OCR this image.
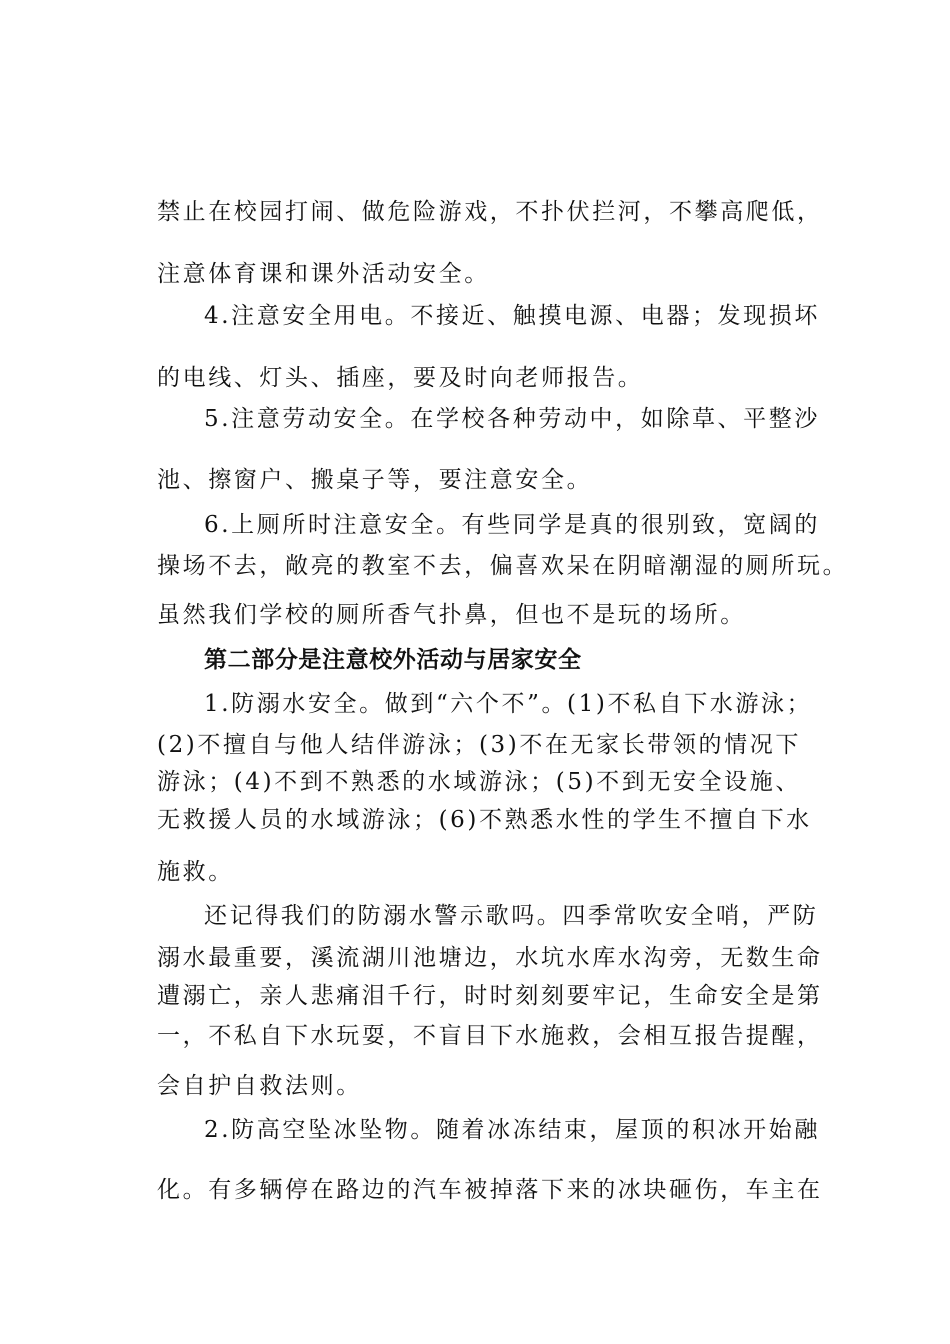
禁止在校园打闹、做危险游戏，不扑伏拦河，不攀高爬低，
注意体育课和课外活动安全。
4.注意安全用电。不接近、触摸电源、电器；发现损坏
的电线、灯头、插座，要及时向老师报告。
5.注意劳动安全。在学校各种劳动中，如除草、平整沙
池、擦窗户、搬桌子等，要注意安全。
6.上厕所时注意安全。有些同学是真的很别致，宽阔的
操场不去，敞亮的教室不去，偏喜欢呆在阴暗潮湿的厕所玩。
虽然我们学校的厕所香气扑鼻，但也不是玩的场所。
第二部分是注意校外活动与居家安全
1.防溺水安全。做到“六个不”。(1)不私自下水游泳；
(2)不擅自与他人结伴游泳；(3)不在无家长带领的情况下
游泳；(4)不到不熟悉的水域游泳；(5)不到无安全设施、
无救援人员的水域游泳；(6)不熟悉水性的学生不擅自下水
施救。
还记得我们的防溺水警示歌吗。四季常吹安全哨，严防
溺水最重要，溪流湖川池塘边，水坑水库水沟旁，无数生命
遭溺亡，亲人悲痛泪千行，时时刻刻要牢记，生命安全是第
一，不私自下水玩耍，不盲目下水施救，会相互报告提醒，
会自护自救法则。
2.防高空坠冰坠物。随着冰冻结束，屋顶的积冰开始融
化。有多辆停在路边的汽车被掉落下来的冰块砸伤，车主在
